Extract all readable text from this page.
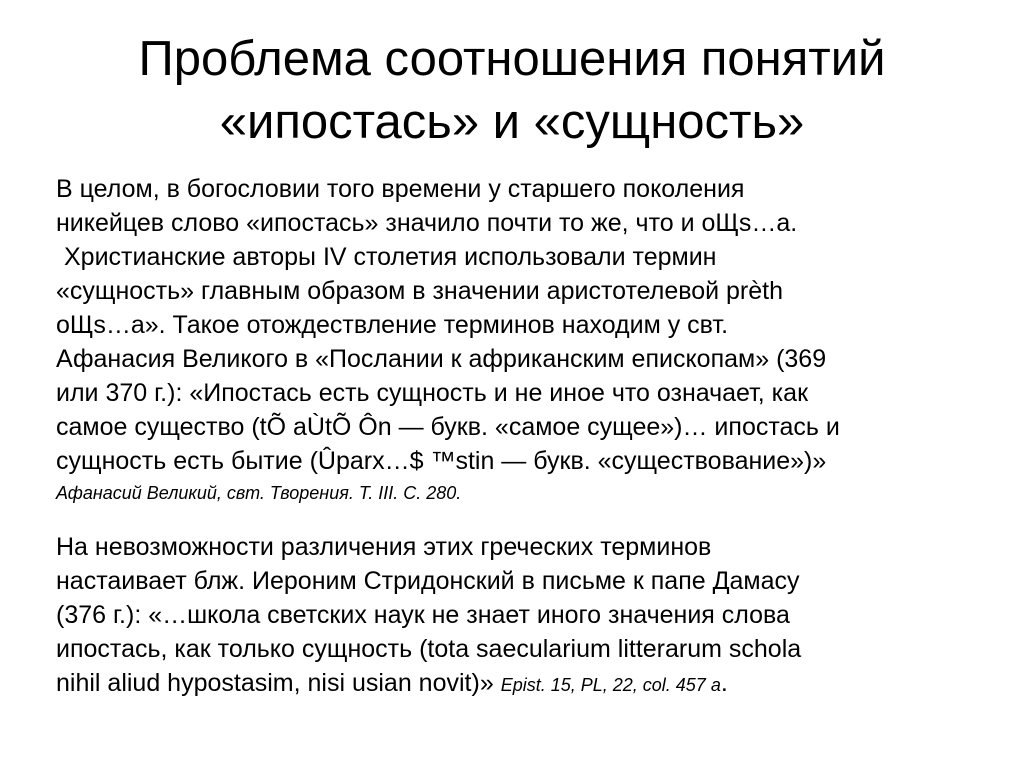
Проблема соотношения понятий
«ипостась» и «сущность»
В целом, в богословии того времени у старшего поколения
никейцев слово «ипостась» значило почти то же, что и оЩs…a.
Христианские авторы IV столетия использовали термин
«сущность» главным образом в значении аристотелевой prèth
оЩs…a». Такое отождествление терминов находим у свт.
Афанасия Великого в «Послании к африканским епископам» (369
или 370 г.): «Ипостась есть сущность и не иное что означает, как
самое существо (tÕ aÙtÕ Ôn — букв. «самое сущее»)… ипостась и
сущность есть бытие (Ûparx…$ ™stin — букв. «существование»)»
Афанасий Великий, свт. Творения. Т. III. С. 280.
На невозможности различения этих греческих терминов
настаивает блж. Иероним Стридонский в письме к папе Дамасу
(376 г.): «…школа светских наук не знает иного значения слова
ипостась, как только сущность (tota saecularium litterarum schola
nihil aliud hypostasim, nisi usian novit)» Epist. 15, PL, 22, col. 457 a.
